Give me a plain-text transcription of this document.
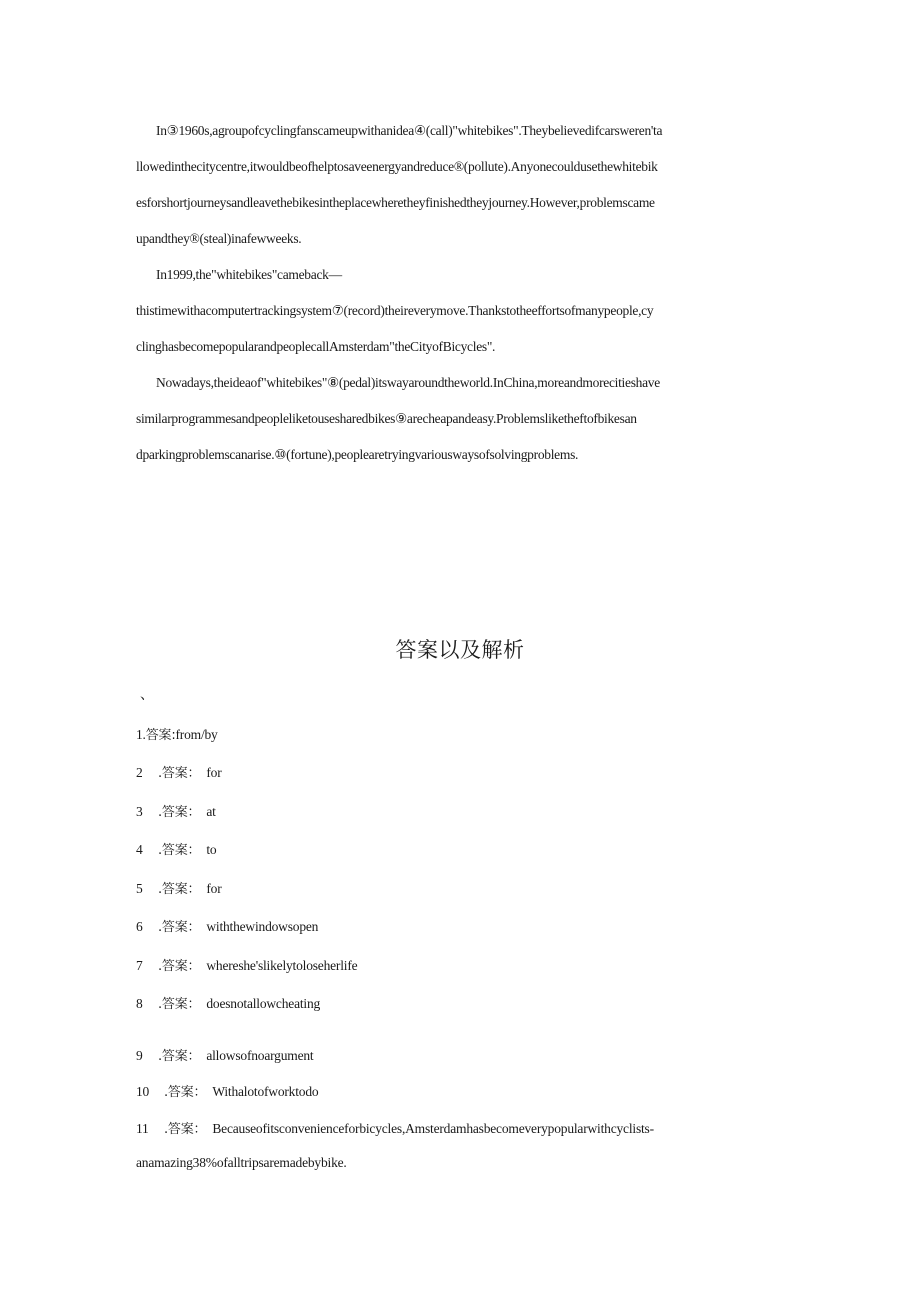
In③1960s,agroupofcyclingfanscameupwithanidea④(call)"whitebikes".Theybelievedifcarsweren'ta
llowedinthecitycentre,itwouldbeofhelptosaveenergyandreduce®(pollute).Anyonecouldusethewhitebik
esforshortjourneysandleavethebikesintheplacewheretheyfinishedtheyjourney.However,problemscame
upandthey®(steal)inafewweeks.
In1999,the"whitebikes"cameback—
thistimewithacomputertrackingsystem⑦(record)theireverymove.Thankstotheeffortsofmanypeople,cy
clinghasbecomepopularandpeoplecallAmsterdam"theCityofBicycles".
Nowadays,theideaof"whitebikes"⑧(pedal)itswayaroundtheworld.InChina,moreandmorecitieshave
similarprogrammesandpeopleliketousesharedbikes⑨arecheapandeasy.Problemsliketheftofbikesan
dparkingproblemscanarise.⑩(fortune),peoplearetryingvariouswaysofsolvingproblems.
答案以及解析
、
1.答案:from/by
2 .答案： for
3 .答案： at
4 .答案： to
5 .答案： for
6 .答案： withthewindowsopen
7 .答案： whereshe'slikelytoloseherlife
8 .答案： doesnotallowcheating
9 .答案： allowsofnoargument
10 .答案： Withalotofworktodo
11 .答案： Becauseofitsconvenienceforbicycles,Amsterdamhasbecomeverypopularwithcyclists-
anamazing38%ofalltripsaremadebybike.
